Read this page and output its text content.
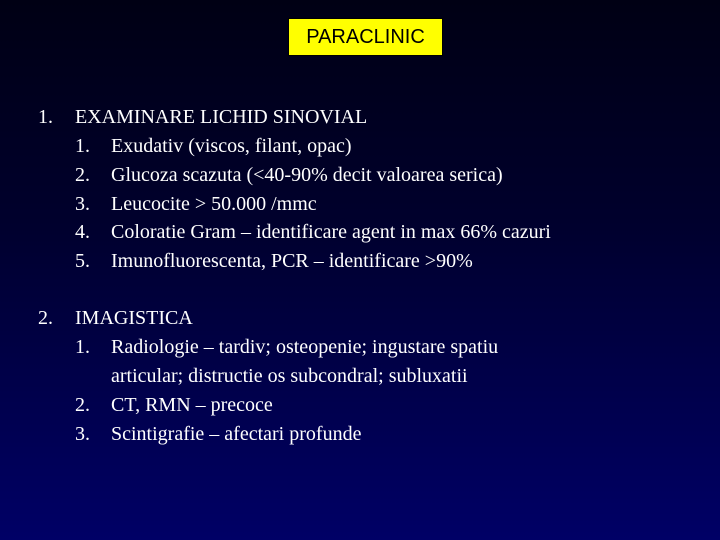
PARACLINIC
1. EXAMINARE LICHID SINOVIAL
1. Exudativ (viscos, filant, opac)
2. Glucoza scazuta (<40-90% decit valoarea serica)
3. Leucocite > 50.000 /mmc
4. Coloratie Gram – identificare agent in max 66% cazuri
5. Imunofluorescenta, PCR – identificare >90%
2. IMAGISTICA
1. Radiologie – tardiv; osteopenie; ingustare spatiu
articular; distructie os subcondral; subluxatii
2. CT, RMN – precoce
3. Scintigrafie – afectari profunde
